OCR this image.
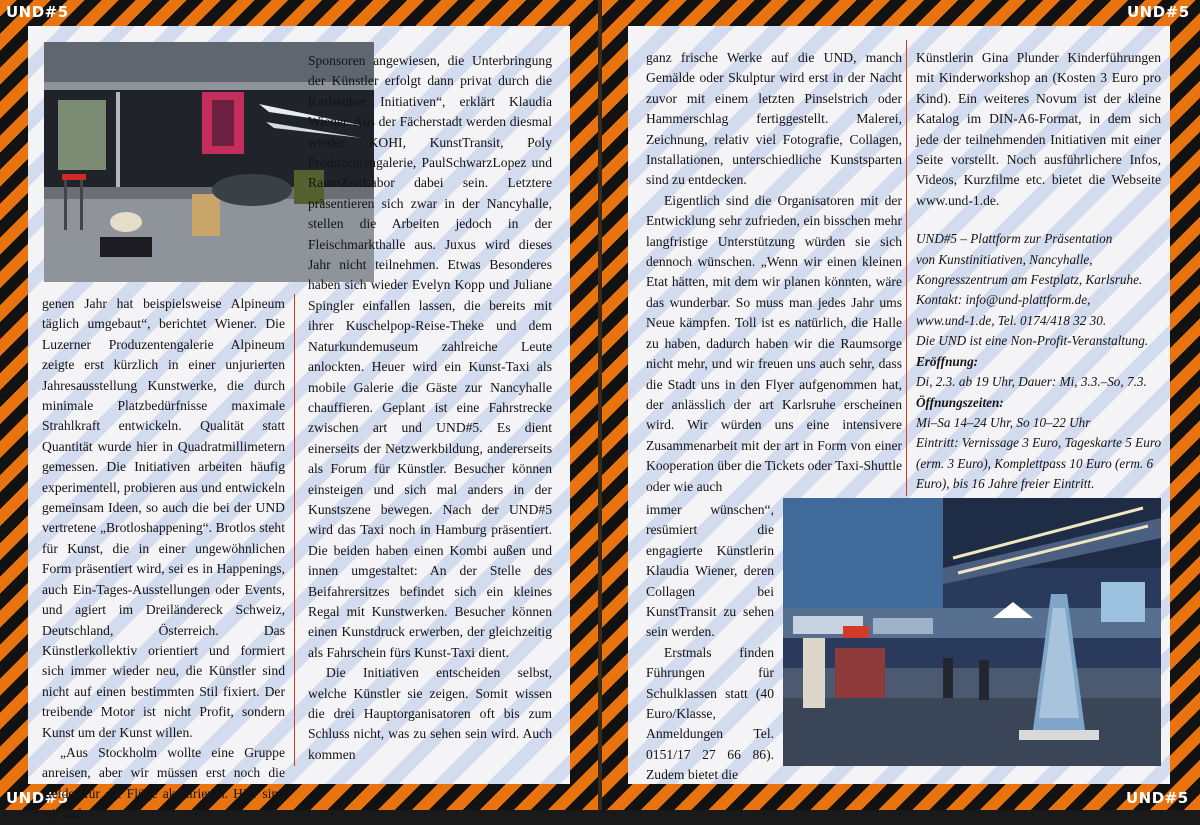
UND#5
UND#5

genen Jahr hat beispielsweise Alpineum täglich umgebaut“, berichtet Wiener. Die Luzerner Produzentengalerie Alpineum zeigte erst kürzlich in einer unjurierten Jahresausstellung Kunstwerke, die durch minimale Platzbedürfnisse maximale Strahlkraft entwickeln. Qualität statt Quantität wurde hier in Quadratmillimetern gemessen. Die Initiativen arbeiten häufig experimentell, probieren aus und entwickeln gemeinsam Ideen, so auch die bei der UND vertretene „Brotloshappening“. Brotlos steht für Kunst, die in einer ungewöhnlichen Form präsentiert wird, sei es in Happenings, auch Ein-Tages-Ausstellungen oder Events, und agiert im Dreiländereck Schweiz, Deutschland, Österreich. Das Künstlerkollektiv orientiert und formiert sich immer wieder neu, die Künstler sind nicht auf einen bestimmten Stil fixiert. Der treibende Motor ist nicht Profit, sondern Kunst um der Kunst willen.

„Aus Stockholm wollte eine Gruppe anreisen, aber wir müssen erst noch die Gelder für die Flüge akquirieren. Hier sind wir auf

Sponsoren angewiesen, die Unterbringung der Künstler erfolgt dann privat durch die Karlsruher Initiativen“, erklärt Klaudia Wiener. Aus der Fächerstadt werden diesmal wieder KOHI, KunstTransit, Poly Produzentengalerie, PaulSchwarzLopez und RaumZeitLabor dabei sein. Letztere präsentieren sich zwar in der Nancyhalle, stellen die Arbeiten jedoch in der Fleischmarkthalle aus. Juxus wird dieses Jahr nicht teilnehmen. Etwas Besonderes haben sich wieder Evelyn Kopp und Juliane Spingler einfallen lassen, die bereits mit ihrer Kuschelpop-Reise-Theke und dem Naturkundemuseum zahlreiche Leute anlockten. Heuer wird ein Kunst-Taxi als mobile Galerie die Gäste zur Nancyhalle chauffieren. Geplant ist eine Fahrstrecke zwischen art und UND#5. Es dient einerseits der Netzwerkbildung, andererseits als Forum für Künstler. Besucher können einsteigen und sich mal anders in der Kunstszene bewegen. Nach der UND#5 wird das Taxi noch in Hamburg präsentiert. Die beiden haben einen Kombi außen und innen umgestaltet: An der Stelle des Beifahrersitzes befindet sich ein kleines Regal mit Kunstwerken. Besucher können einen Kunstdruck erwerben, der gleichzeitig als Fahrschein fürs Kunst-Taxi dient.

Die Initiativen entscheiden selbst, welche Künstler sie zeigen. Somit wissen die drei Hauptorganisatoren oft bis zum Schluss nicht, was zu sehen sein wird. Auch kommen

UND#5
UND#5

ganz frische Werke auf die UND, manch Gemälde oder Skulptur wird erst in der Nacht zuvor mit einem letzten Pinselstrich oder Hammerschlag fertiggestellt. Malerei, Zeichnung, relativ viel Fotografie, Collagen, Installationen, unterschiedliche Kunstsparten sind zu entdecken.

Eigentlich sind die Organisatoren mit der Entwicklung sehr zufrieden, ein bisschen mehr langfristige Unterstützung würden sie sich dennoch wünschen. „Wenn wir einen kleinen Etat hätten, mit dem wir planen könnten, wäre das wunderbar. So muss man jedes Jahr ums Neue kämpfen. Toll ist es natürlich, die Halle zu haben, dadurch haben wir die Raumsorge nicht mehr, und wir freuen uns auch sehr, dass die Stadt uns in den Flyer aufgenommen hat, der anlässlich der art Karlsruhe erscheinen wird. Wir würden uns eine intensivere Zusammenarbeit mit der art in Form von einer Kooperation über die Tickets oder Taxi-Shuttle oder wie auch

immer wünschen“, resümiert die engagierte Künstlerin Klaudia Wiener, deren Collagen bei KunstTransit zu sehen sein werden.

Erstmals finden Führungen für Schulklassen statt (40 Euro/Klasse, Anmeldungen Tel. 0151/17 27 66 86). Zudem bietet die

Künstlerin Gina Plunder Kinderführungen mit Kinderworkshop an (Kosten 3 Euro pro Kind). Ein weiteres Novum ist der kleine Katalog im DIN-A6-Format, in dem sich jede der teilnehmenden Initiativen mit einer Seite vorstellt. Noch ausführlichere Infos, Videos, Kurzfilme etc. bietet die Webseite www.und-1.de.

UND#5 – Plattform zur Präsentation
von Kunstinitiativen, Nancyhalle,
Kongresszentrum am Festplatz, Karlsruhe.
Kontakt: info@und-plattform.de,
www.und-1.de, Tel. 0174/418 32 30.
Die UND ist eine Non-Profit-Veranstaltung.
Eröffnung:
Di, 2.3. ab 19 Uhr, Dauer: Mi, 3.3.–So, 7.3.
Öffnungszeiten:
Mi–Sa 14–24 Uhr, So 10–22 Uhr
Eintritt: Vernissage 3 Euro, Tageskarte 5 Euro
(erm. 3 Euro), Komplettpass 10 Euro (erm. 6
Euro), bis 16 Jahre freier Eintritt.
